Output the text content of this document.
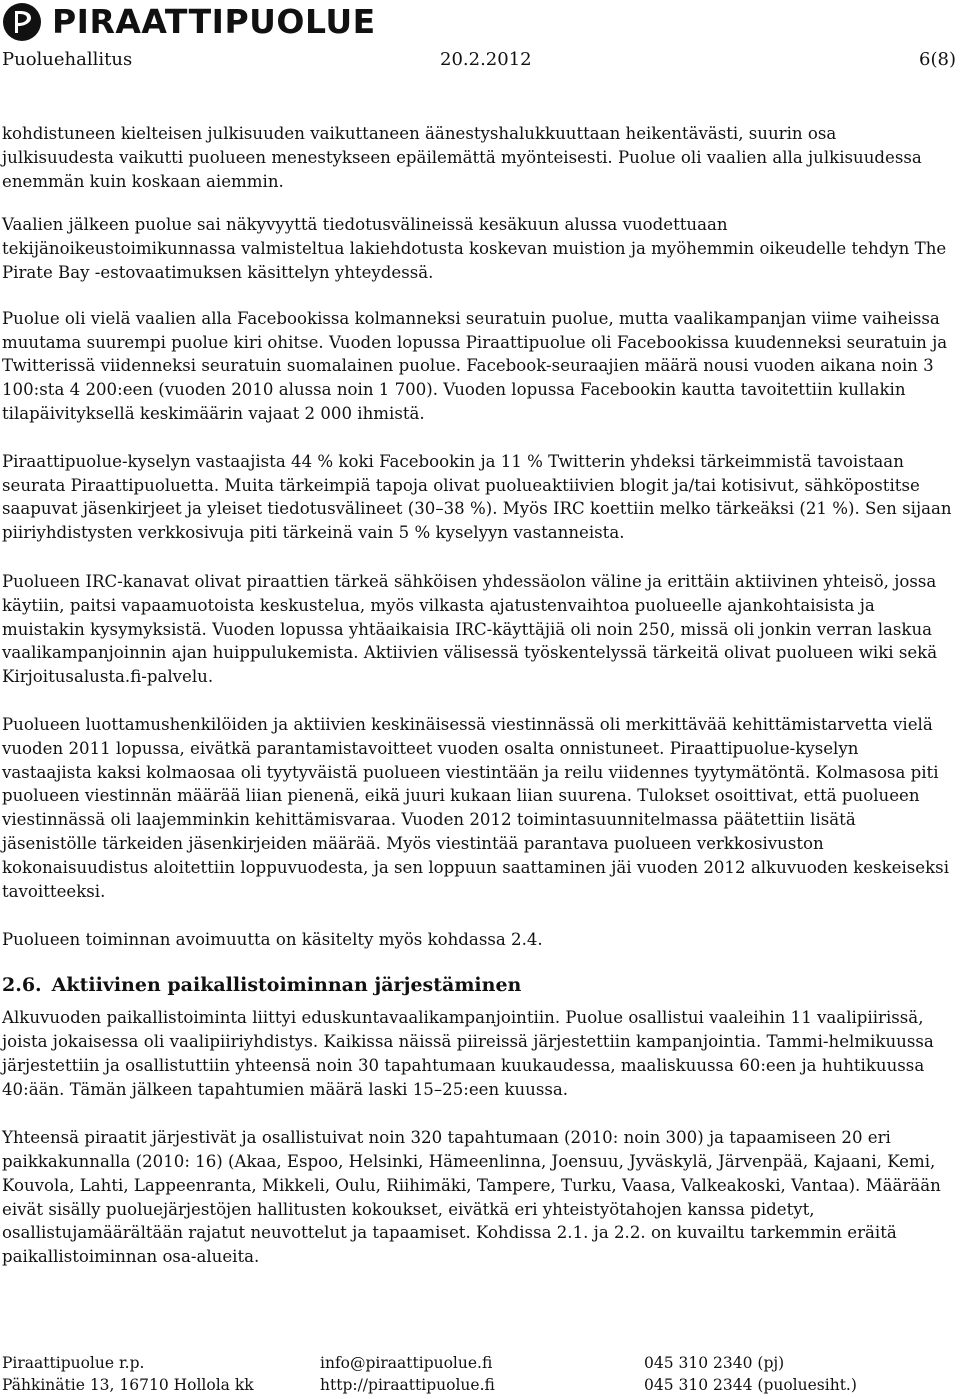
PIRAATTIPUOLUE
Puoluehallitus	20.2.2012	6(8)

kohdistuneen kielteisen julkisuuden vaikuttaneen äänestyshalukkuuttaan heikentävästi, suurin osa julkisuudesta vaikutti puolueen menestykseen epäilemättä myönteisesti. Puolue oli vaalien alla julkisuudessa enemmän kuin koskaan aiemmin.

Vaalien jälkeen puolue sai näkyvyyttä tiedotusvälineissä kesäkuun alussa vuodettuaan tekijänoikeustoimikunnassa valmisteltua lakiehdotusta koskevan muistion ja myöhemmin oikeudelle tehdyn The Pirate Bay -estovaatimuksen käsittelyn yhteydessä.

Puolue oli vielä vaalien alla Facebookissa kolmanneksi seuratuin puolue, mutta vaalikampanjan viime vaiheissa muutama suurempi puolue kiri ohitse. Vuoden lopussa Piraattipuolue oli Facebookissa kuudenneksi seuratuin ja Twitterissä viidenneksi seuratuin suomalainen puolue. Facebook-seuraajien määrä nousi vuoden aikana noin 3 100:sta 4 200:een (vuoden 2010 alussa noin 1 700). Vuoden lopussa Facebookin kautta tavoitettiin kullakin tilapäivityksellä keskimäärin vajaat 2 000 ihmistä.

Piraattipuolue-kyselyn vastaajista 44 % koki Facebookin ja 11 % Twitterin yhdeksi tärkeimmistä tavoistaan seurata Piraattipuoluetta. Muita tärkeimpiä tapoja olivat puolueaktiivien blogit ja/tai kotisivut, sähköpostitse saapuvat jäsenkirjeet ja yleiset tiedotusvälineet (30–38 %). Myös IRC koettiin melko tärkeäksi (21 %). Sen sijaan piiriyhdistysten verkkosivuja piti tärkeinä vain 5 % kyselyyn vastanneista.

Puolueen IRC-kanavat olivat piraattien tärkeä sähköisen yhdessäolon väline ja erittäin aktiivinen yhteisö, jossa käytiin, paitsi vapaamuotoista keskustelua, myös vilkasta ajatustenvaihtoa puolueelle ajankohtaisista ja muistakin kysymyksistä. Vuoden lopussa yhtäaikaisia IRC-käyttäjiä oli noin 250, missä oli jonkin verran laskua vaalikampanjoinnin ajan huippulukemista. Aktiivien välisessä työskentelyssä tärkeitä olivat puolueen wiki sekä Kirjoitusalusta.fi-palvelu.

Puolueen luottamushenkilöiden ja aktiivien keskinäisessä viestinnässä oli merkittävää kehittämistarvetta vielä vuoden 2011 lopussa, eivätkä parantamistavoitteet vuoden osalta onnistuneet. Piraattipuolue-kyselyn vastaajista kaksi kolmaosaa oli tyytyväistä puolueen viestintään ja reilu viidennes tyytymätöntä. Kolmasosa piti puolueen viestinnän määrää liian pienenä, eikä juuri kukaan liian suurena. Tulokset osoittivat, että puolueen viestinnässä oli laajemminkin kehittämisvaraa. Vuoden 2012 toimintasuunnitelmassa päätettiin lisätä jäsenistölle tärkeiden jäsenkirjeiden määrää. Myös viestintää parantava puolueen verkkosivuston kokonaisuudistus aloitettiin loppuvuodesta, ja sen loppuun saattaminen jäi vuoden 2012 alkuvuoden keskeiseksi tavoitteeksi.

Puolueen toiminnan avoimuutta on käsitelty myös kohdassa 2.4.

2.6. Aktiivinen paikallistoiminnan järjestäminen

Alkuvuoden paikallistoiminta liittyi eduskuntavaalikampanjointiin. Puolue osallistui vaaleihin 11 vaalipiirissä, joista jokaisessa oli vaalipiiriyhdistys. Kaikissa näissä piireissä järjestettiin kampanjointia. Tammi-helmikuussa järjestettiin ja osallistuttiin yhteensä noin 30 tapahtumaan kuukaudessa, maaliskuussa 60:een ja huhtikuussa 40:ään. Tämän jälkeen tapahtumien määrä laski 15–25:een kuussa.

Yhteensä piraatit järjestivät ja osallistuivat noin 320 tapahtumaan (2010: noin 300) ja tapaamiseen 20 eri paikkakunnalla (2010: 16) (Akaa, Espoo, Helsinki, Hämeenlinna, Joensuu, Jyväskylä, Järvenpää, Kajaani, Kemi, Kouvola, Lahti, Lappeenranta, Mikkeli, Oulu, Riihimäki, Tampere, Turku, Vaasa, Valkeakoski, Vantaa). Määrään eivät sisälly puoluejärjestöjen hallitusten kokoukset, eivätkä eri yhteistyötahojen kanssa pidetyt, osallistujamäärältään rajatut neuvottelut ja tapaamiset. Kohdissa 2.1. ja 2.2. on kuvailtu tarkemmin eräitä paikallistoiminnan osa-alueita.

Piraattipuolue r.p.
Pähkinätie 13, 16710 Hollola kk
info@piraattipuolue.fi
http://piraattipuolue.fi
045 310 2340 (pj)
045 310 2344 (puoluesiht.)
